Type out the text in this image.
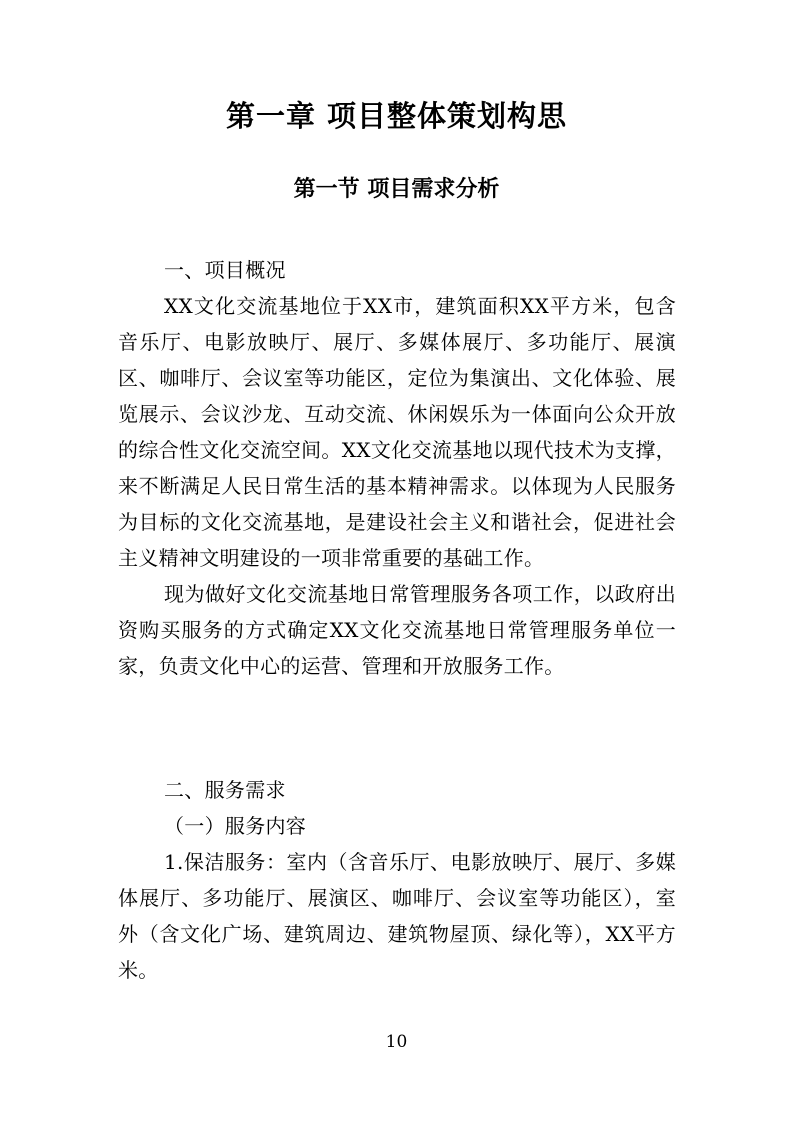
第一章 项目整体策划构思
第一节 项目需求分析

一、项目概况

XX文化交流基地位于XX市，建筑面积XX平方米，包含音乐厅、电影放映厅、展厅、多媒体展厅、多功能厅、展演区、咖啡厅、会议室等功能区，定位为集演出、文化体验、展览展示、会议沙龙、互动交流、休闲娱乐为一体面向公众开放的综合性文化交流空间。XX文化交流基地以现代技术为支撑，来不断满足人民日常生活的基本精神需求。以体现为人民服务为目标的文化交流基地，是建设社会主义和谐社会，促进社会主义精神文明建设的一项非常重要的基础工作。

现为做好文化交流基地日常管理服务各项工作，以政府出资购买服务的方式确定XX文化交流基地日常管理服务单位一家，负责文化中心的运营、管理和开放服务工作。

二、服务需求

（一）服务内容

1.保洁服务：室内（含音乐厅、电影放映厅、展厅、多媒体展厅、多功能厅、展演区、咖啡厅、会议室等功能区），室外（含文化广场、建筑周边、建筑物屋顶、绿化等），XX平方米。

10
